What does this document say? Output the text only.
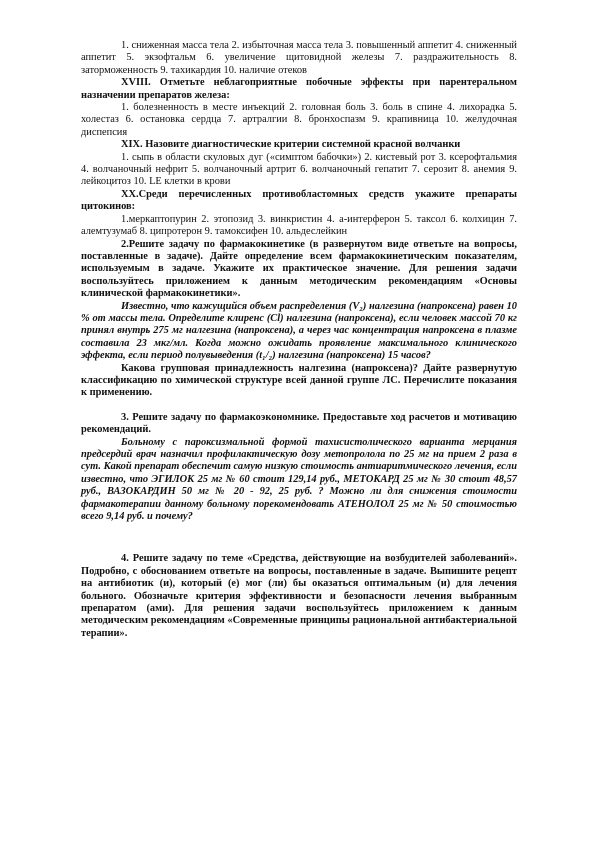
1. сниженная масса тела 2. избыточная масса тела 3. повышенный аппетит 4. сниженный аппетит 5. экзофтальм 6. увеличение щитовидной железы 7. раздражительность 8. заторможенность 9. тахикардия 10. наличие отеков

XVIII. Отметьте неблагоприятные побочные эффекты при парентеральном назначении препаратов железа:

1. болезненность в месте инъекций 2. головная боль 3. боль в спине 4. лихорадка 5. холестаз 6. остановка сердца 7. артралгии 8. бронхоспазм 9. крапивница 10. желудочная диспепсия

XIX. Назовите диагностические критерии системной красной волчанки

1. сыпь в области скуловых дуг («симптом бабочки») 2. кистевый рот 3. ксерофтальмия 4. волчаночный нефрит 5. волчаночный артрит 6. волчаночный гепатит 7. серозит 8. анемия 9. лейкоцитоз 10. LE клетки в крови

XX.Среди перечисленных противобластомных средств укажите препараты цитокинов:

1.меркаптопурин 2. этопозид 3. винкристин 4. а-интерферон 5. таксол 6. колхицин 7. алемтузумаб 8. ципротерон 9. тамоксифен 10. альдеслейкин

2.Решите задачу по фармакокинетике (в развернутом виде ответьте на вопросы, поставленные в задаче). Дайте определение всем фармакокинетическим показателям, используемым в задаче. Укажите их практическое значение. Для решения задачи воспользуйтесь приложением к данным методическим рекомендациям «Основы клинической фармакокинетики».

Известно, что кажущийся объем распределения (V₂) налгезина (напроксена) равен 10 % от массы тела. Определите клиренс (Cl) налгезина (напроксена), если человек массой 70 кг принял внутрь 275 мг налгезина (напроксена), а через час концентрация напроксена в плазме составила 23 мкг/мл. Когда можно ожидать проявление максимального клинического эффекта, если период полувыведения (t₁/₂) налгезина (напроксена) 15 часов?

Какова групповая принадлежность налгезина (напроксена)? Дайте развернутую классификацию по химической структуре всей данной группе ЛС. Перечислите показания к применению.

3. Решите задачу по фармакоэкономнике. Предоставьте ход расчетов и мотивацию рекомендаций.

Больному с пароксизмальной формой тахисистолического варианта мерцания предсердий врач назначил профилактическую дозу метопролола по 25 мг на прием 2 раза в сут. Какой препарат обеспечит самую низкую стоимость антиаритмического лечения, если известно, что ЭГИЛОК 25 мг № 60 стоит 129,14 руб., МЕТОКАРД 25 мг № 30 стоит 48,57 руб., ВАЗОКАРДИН 50 мг № 20 - 92, 25 руб. ? Можно ли для снижения стоимости фармакотерапии данному больному порекомендовать АТЕНОЛОЛ 25 мг № 50 стоимостью всего 9,14 руб. и почему?

4. Решите задачу по теме «Средства, действующие на возбудителей заболеваний». Подробно, с обоснованием ответьте на вопросы, поставленные в задаче. Выпишите рецепт на антибиотик (и), который (е) мог (ли) бы оказаться оптимальным (и) для лечения больного. Обозначьте критерия эффективности и безопасности лечения выбранным препаратом (ами). Для решения задачи воспользуйтесь приложением к данным методическим рекомендациям «Современные принципы рациональной антибактериальной терапии».
